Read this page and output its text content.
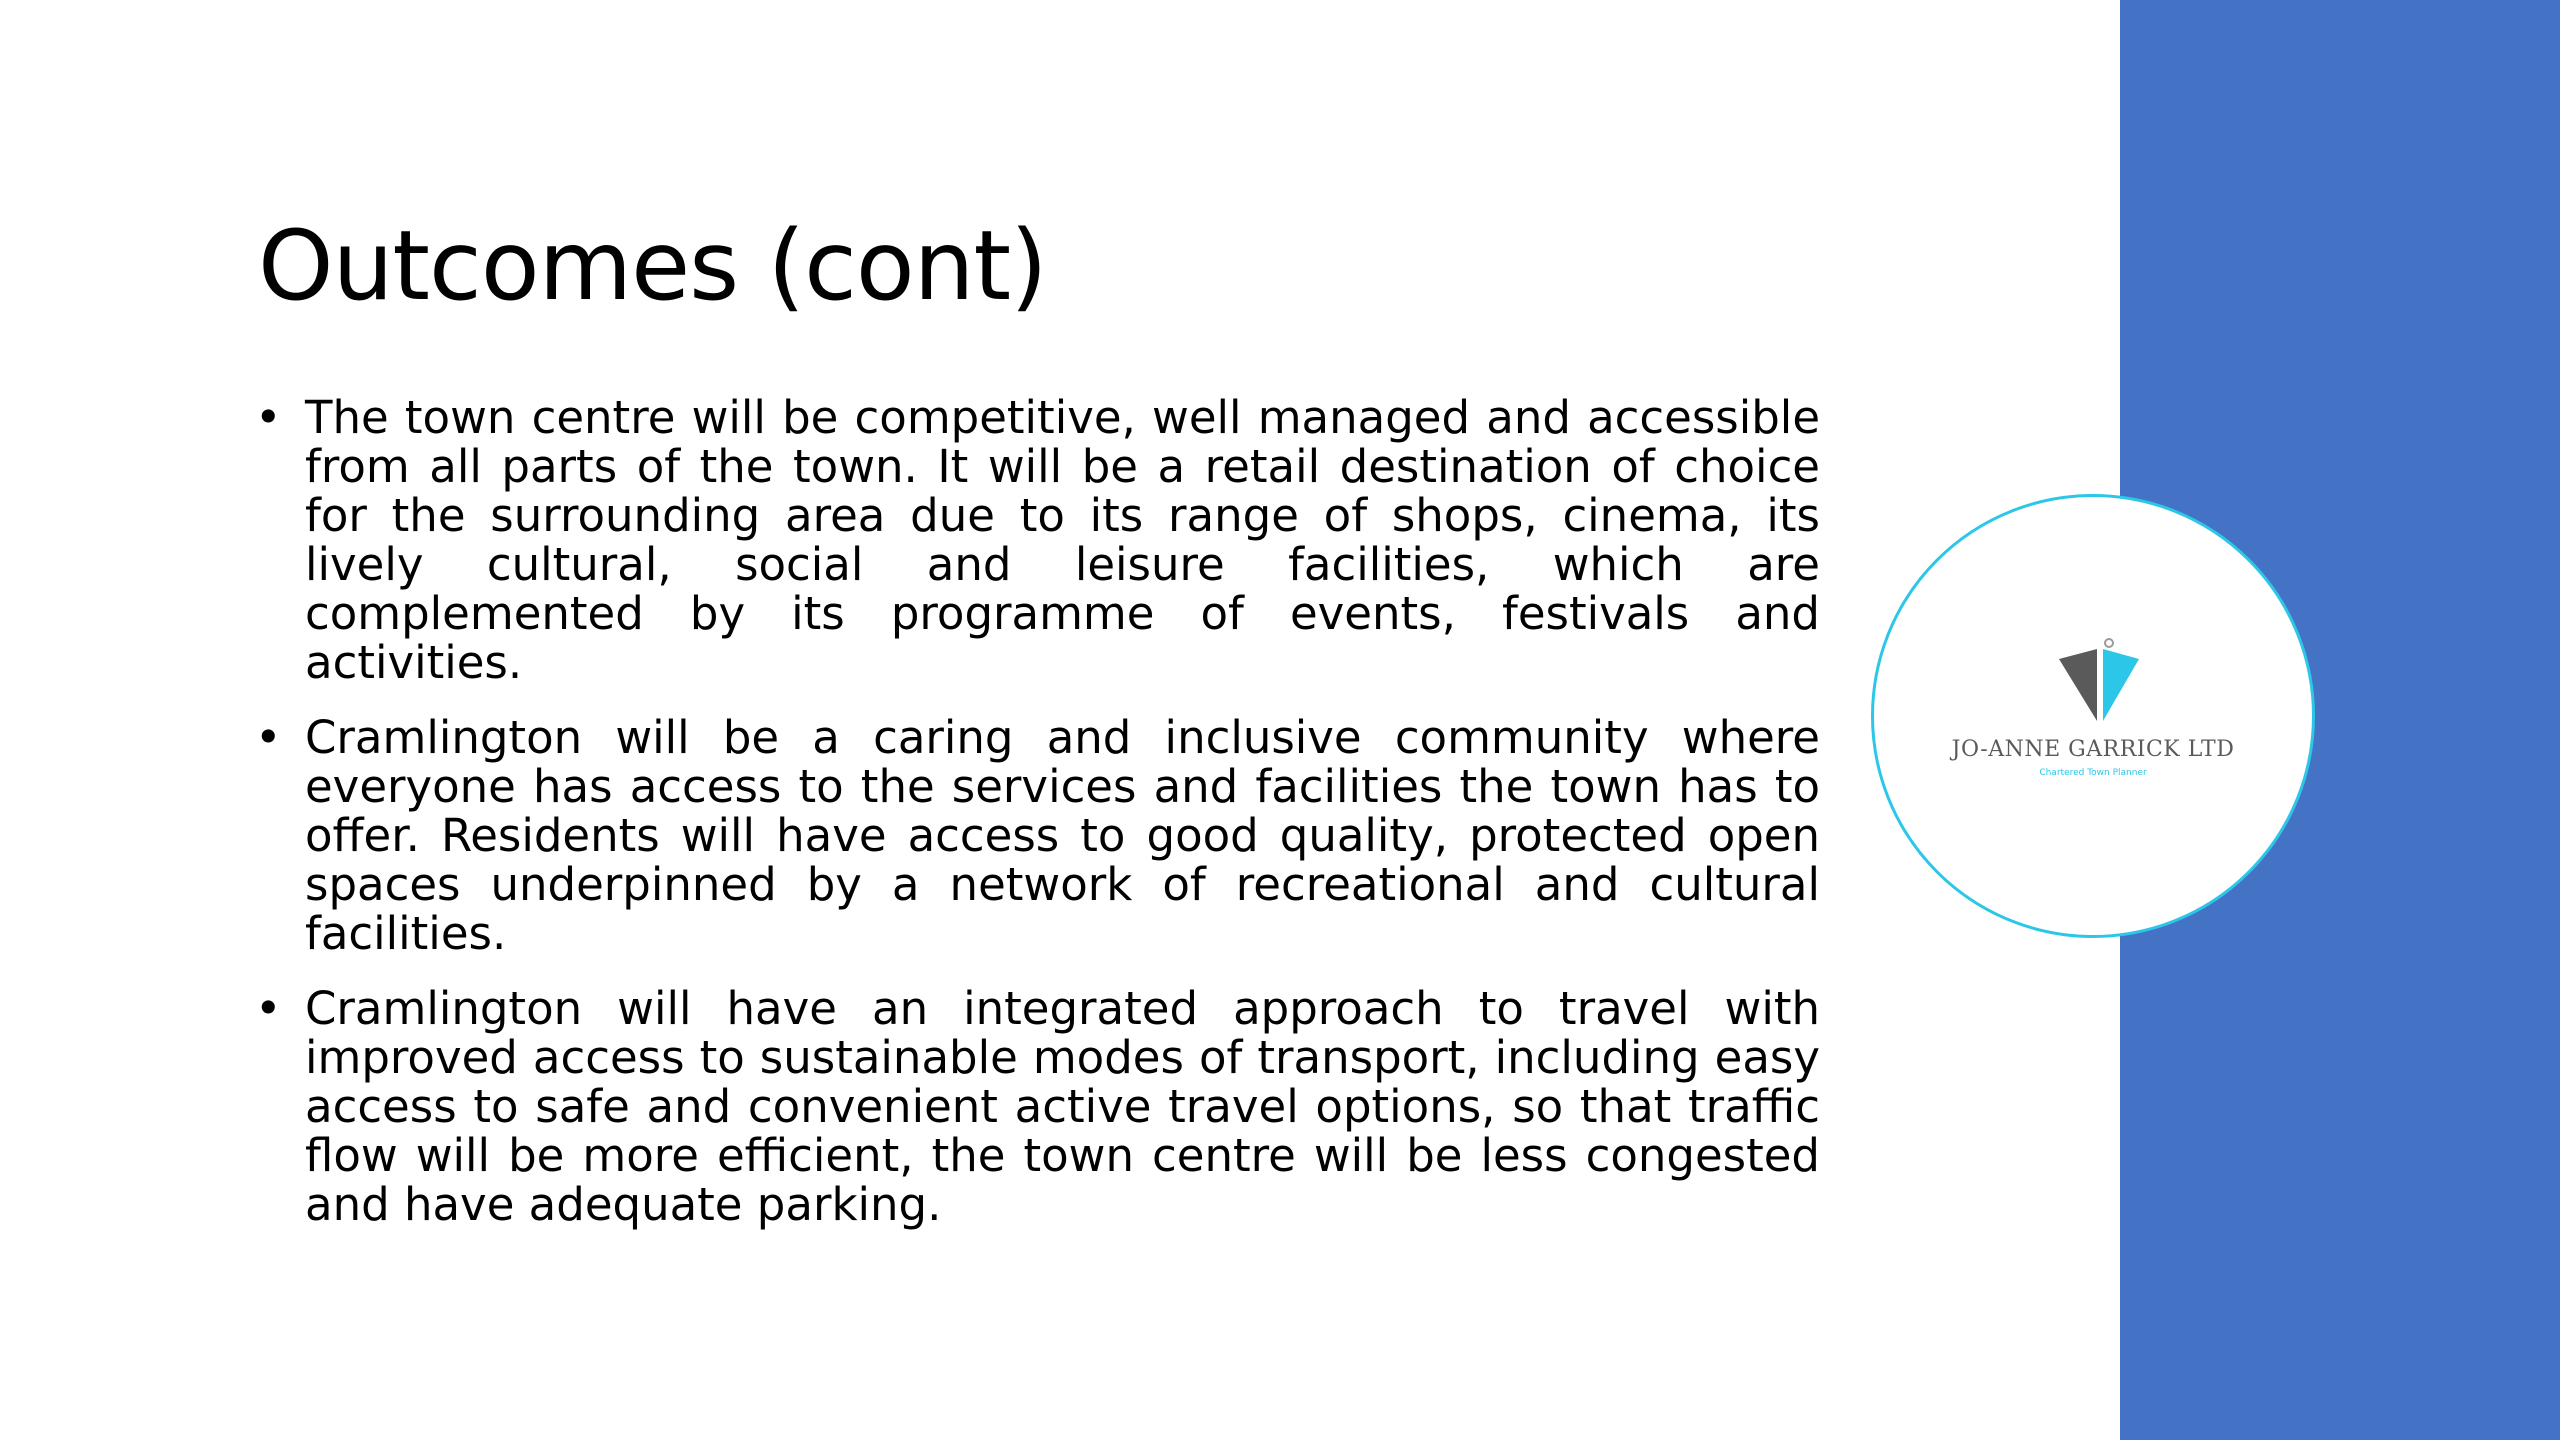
Outcomes (cont)
• The town centre will be competitive, well managed and accessible from all parts of the town. It will be a retail destination of choice for the surrounding area due to its range of shops, cinema, its lively cultural, social and leisure facilities, which are complemented by its programme of events, festivals and activities.
• Cramlington will be a caring and inclusive community where everyone has access to the services and facilities the town has to offer. Residents will have access to good quality, protected open spaces underpinned by a network of recreational and cultural facilities.
• Cramlington will have an integrated approach to travel with improved access to sustainable modes of transport, including easy access to safe and convenient active travel options, so that traffic flow will be more efficient, the town centre will be less congested and have adequate parking.
JO-ANNE GARRICK LTD
Chartered Town Planner
